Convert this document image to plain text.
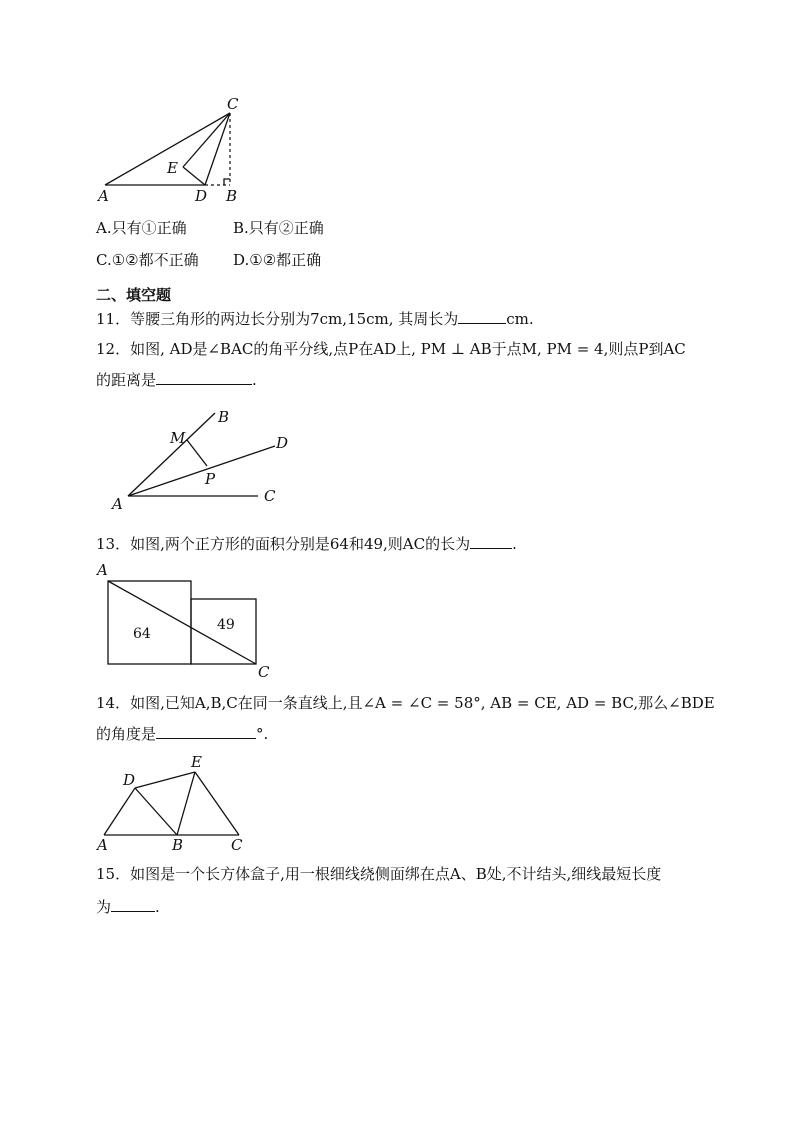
C
E
A	D B
A.只有①正确	B.只有②正确
C.①②都不正确 D.①②都正确
二、填空题
11．等腰三角形的两边长分别为7cm,15cm, 其周长为	cm.
12．如图, AD是∠BAC的角平分线,点P在AD上, PM ⊥ AB于点M, PM = 4,则点P到AC
的距离是	.
B
M	D
P
A	C
13．如图,两个正方形的面积分别是64和49,则AC的长为	.
A
C
64
49
14．如图,已知A,B,C在同一条直线上,且∠A = ∠C = 58°, AB = CE, AD = BC,那么∠BDE
的角度是	°.
D
E
A	B	C
15．如图是一个长方体盒子,用一根细线绕侧面绑在点A、B处,不计结头,细线最短长度
为	.
